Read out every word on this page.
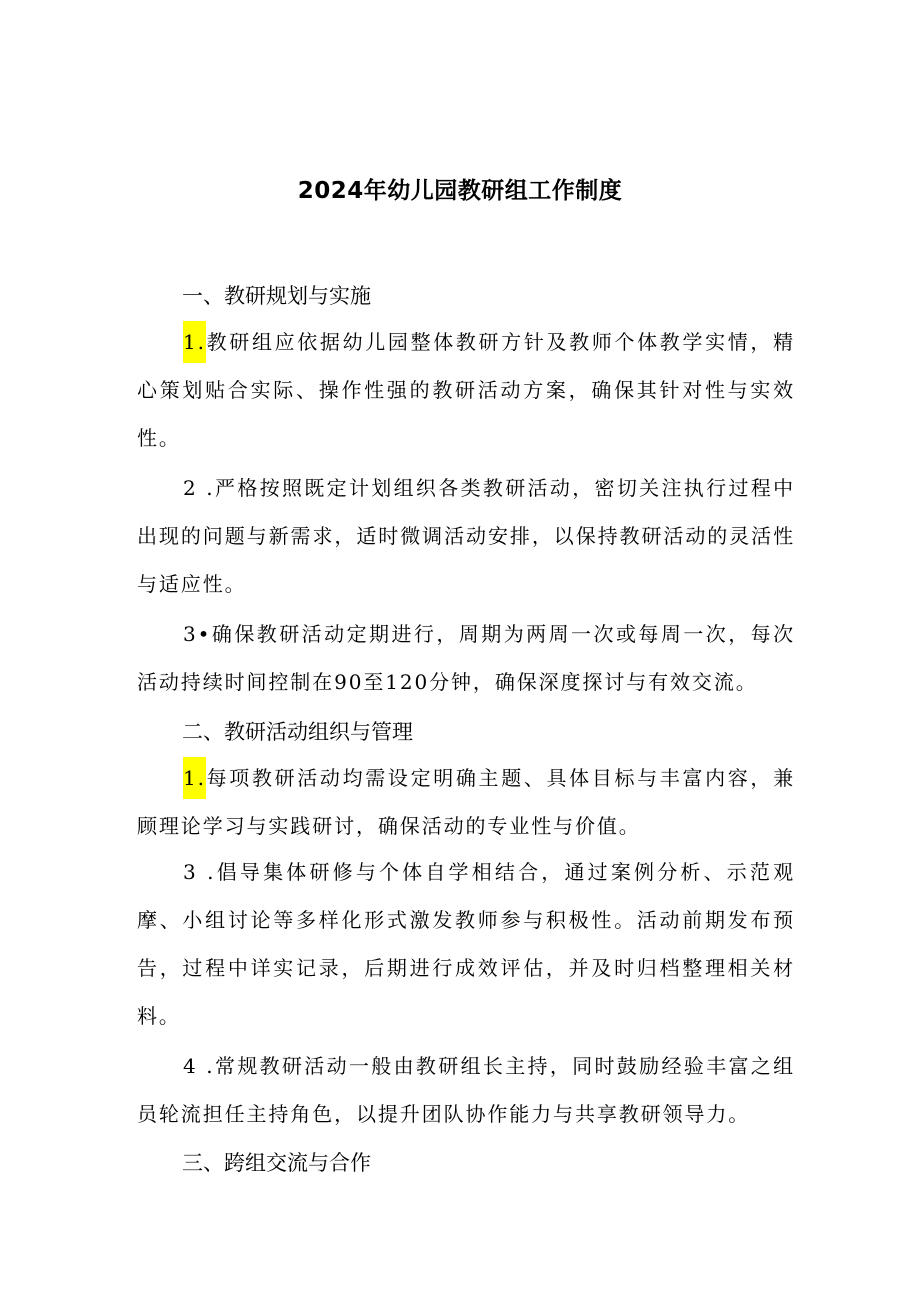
2024年幼儿园教研组工作制度
一、教研规划与实施
1.教研组应依据幼儿园整体教研方针及教师个体教学实情，精心策划贴合实际、操作性强的教研活动方案，确保其针对性与实效性。
2 .严格按照既定计划组织各类教研活动，密切关注执行过程中出现的问题与新需求，适时微调活动安排，以保持教研活动的灵活性与适应性。
3•确保教研活动定期进行，周期为两周一次或每周一次，每次活动持续时间控制在90至120分钟，确保深度探讨与有效交流。
二、教研活动组织与管理
1.每项教研活动均需设定明确主题、具体目标与丰富内容，兼顾理论学习与实践研讨，确保活动的专业性与价值。
3 .倡导集体研修与个体自学相结合，通过案例分析、示范观摩、小组讨论等多样化形式激发教师参与积极性。活动前期发布预告，过程中详实记录，后期进行成效评估，并及时归档整理相关材料。
4 .常规教研活动一般由教研组长主持，同时鼓励经验丰富之组员轮流担任主持角色，以提升团队协作能力与共享教研领导力。
三、跨组交流与合作
